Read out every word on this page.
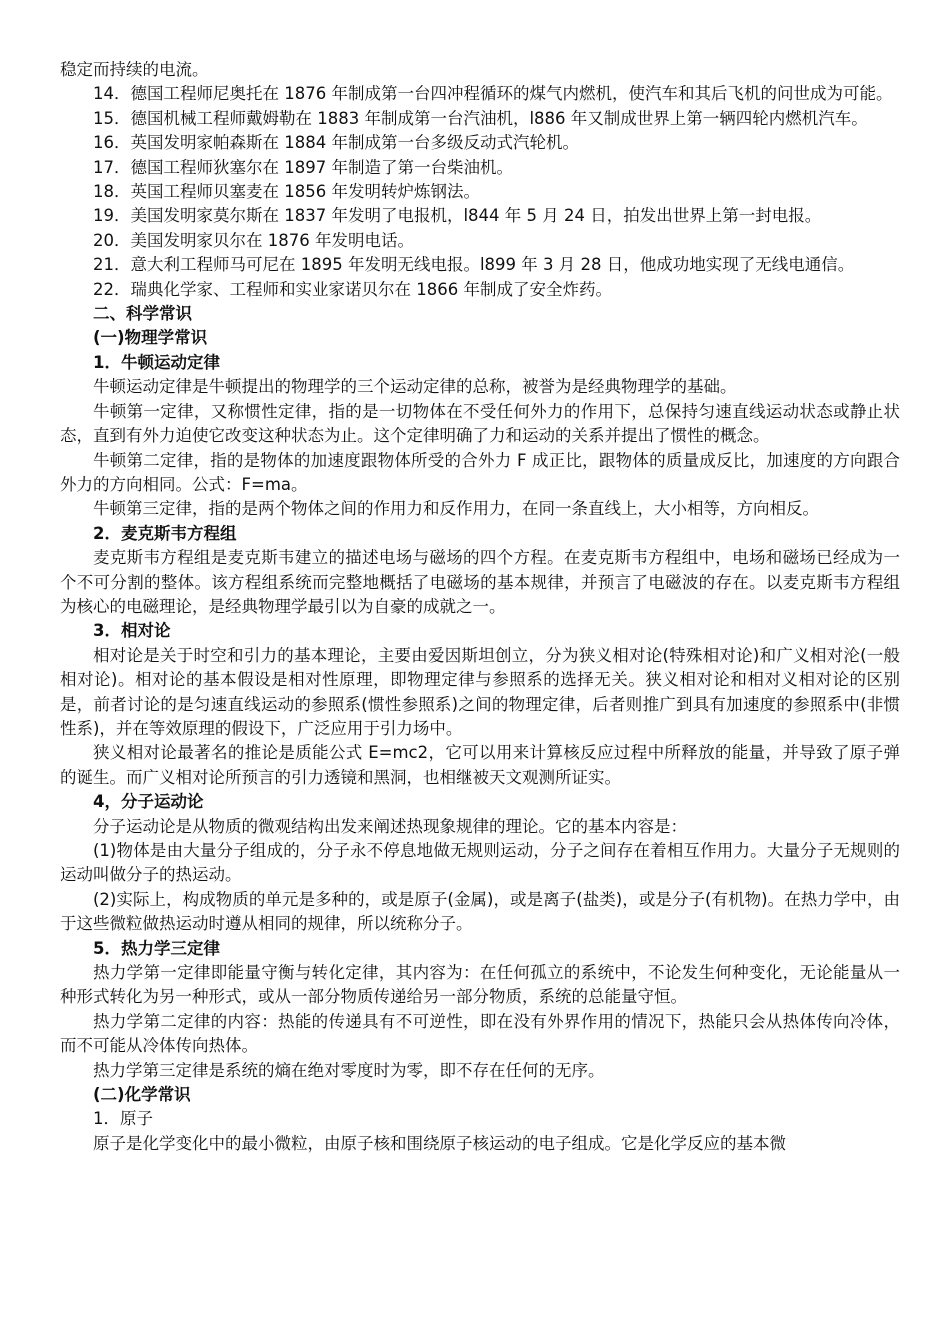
稳定而持续的电流。

14．德国工程师尼奥托在 1876 年制成第一台四冲程循环的煤气内燃机，使汽车和其后飞机的问世成为可能。

15．德国机械工程师戴姆勒在 1883 年制成第一台汽油机，l886 年又制成世界上第一辆四轮内燃机汽车。

16．英国发明家帕森斯在 1884 年制成第一台多级反动式汽轮机。

17．德国工程师狄塞尔在 1897 年制造了第一台柴油机。

18．英国工程师贝塞麦在 1856 年发明转炉炼钢法。

19．美国发明家莫尔斯在 1837 年发明了电报机，l844 年 5 月 24 日，拍发出世界上第一封电报。

20．美国发明家贝尔在 1876 年发明电话。

21．意大利工程师马可尼在 1895 年发明无线电报。l899 年 3 月 28 日，他成功地实现了无线电通信。

22．瑞典化学家、工程师和实业家诺贝尔在 1866 年制成了安全炸药。

二、科学常识

(一)物理学常识

1．牛顿运动定律

牛顿运动定律是牛顿提出的物理学的三个运动定律的总称，被誉为是经典物理学的基础。

牛顿第一定律，又称惯性定律，指的是一切物体在不受任何外力的作用下，总保持匀速直线运动状态或静止状态，直到有外力迫使它改变这种状态为止。这个定律明确了力和运动的关系并提出了惯性的概念。

牛顿第二定律，指的是物体的加速度跟物体所受的合外力 F 成正比，跟物体的质量成反比，加速度的方向跟合外力的方向相同。公式：F=ma。

牛顿第三定律，指的是两个物体之间的作用力和反作用力，在同一条直线上，大小相等，方向相反。

2．麦克斯韦方程组

麦克斯韦方程组是麦克斯韦建立的描述电场与磁场的四个方程。在麦克斯韦方程组中，电场和磁场已经成为一个不可分割的整体。该方程组系统而完整地概括了电磁场的基本规律，并预言了电磁波的存在。以麦克斯韦方程组为核心的电磁理论，是经典物理学最引以为自豪的成就之一。

3．相对论

相对论是关于时空和引力的基本理论，主要由爱因斯坦创立，分为狭义相对论(特殊相对论)和广义相对沦(一般相对论)。相对论的基本假设是相对性原理，即物理定律与参照系的选择无关。狭义相对论和相对义相对论的区别是，前者讨论的是匀速直线运动的参照系(惯性参照系)之间的物理定律，后者则推广到具有加速度的参照系中(非惯性系)，并在等效原理的假设下，广泛应用于引力场中。

狭义相对论最著名的推论是质能公式 E=mc2，它可以用来计算核反应过程中所释放的能量，并导致了原子弹的诞生。而广义相对论所预言的引力透镜和黑洞，也相继被天文观测所证实。

4，分子运动论

分子运动论是从物质的微观结构出发来阐述热现象规律的理论。它的基本内容是：

(1)物体是由大量分子组成的，分子永不停息地做无规则运动，分子之间存在着相互作用力。大量分子无规则的运动叫做分子的热运动。

(2)实际上，构成物质的单元是多种的，或是原子(金属)，或是离子(盐类)，或是分子(有机物)。在热力学中，由于这些微粒做热运动时遵从相同的规律，所以统称分子。

5．热力学三定律

热力学第一定律即能量守衡与转化定律，其内容为：在任何孤立的系统中，不论发生何种变化，无论能量从一种形式转化为另一种形式，或从一部分物质传递给另一部分物质，系统的总能量守恒。

热力学第二定律的内容：热能的传递具有不可逆性，即在没有外界作用的情况下，热能只会从热体传向冷体，而不可能从冷体传向热体。

热力学第三定律是系统的熵在绝对零度时为零，即不存在任何的无序。

(二)化学常识

1．原子

原子是化学变化中的最小微粒，由原子核和围绕原子核运动的电子组成。它是化学反应的基本微
